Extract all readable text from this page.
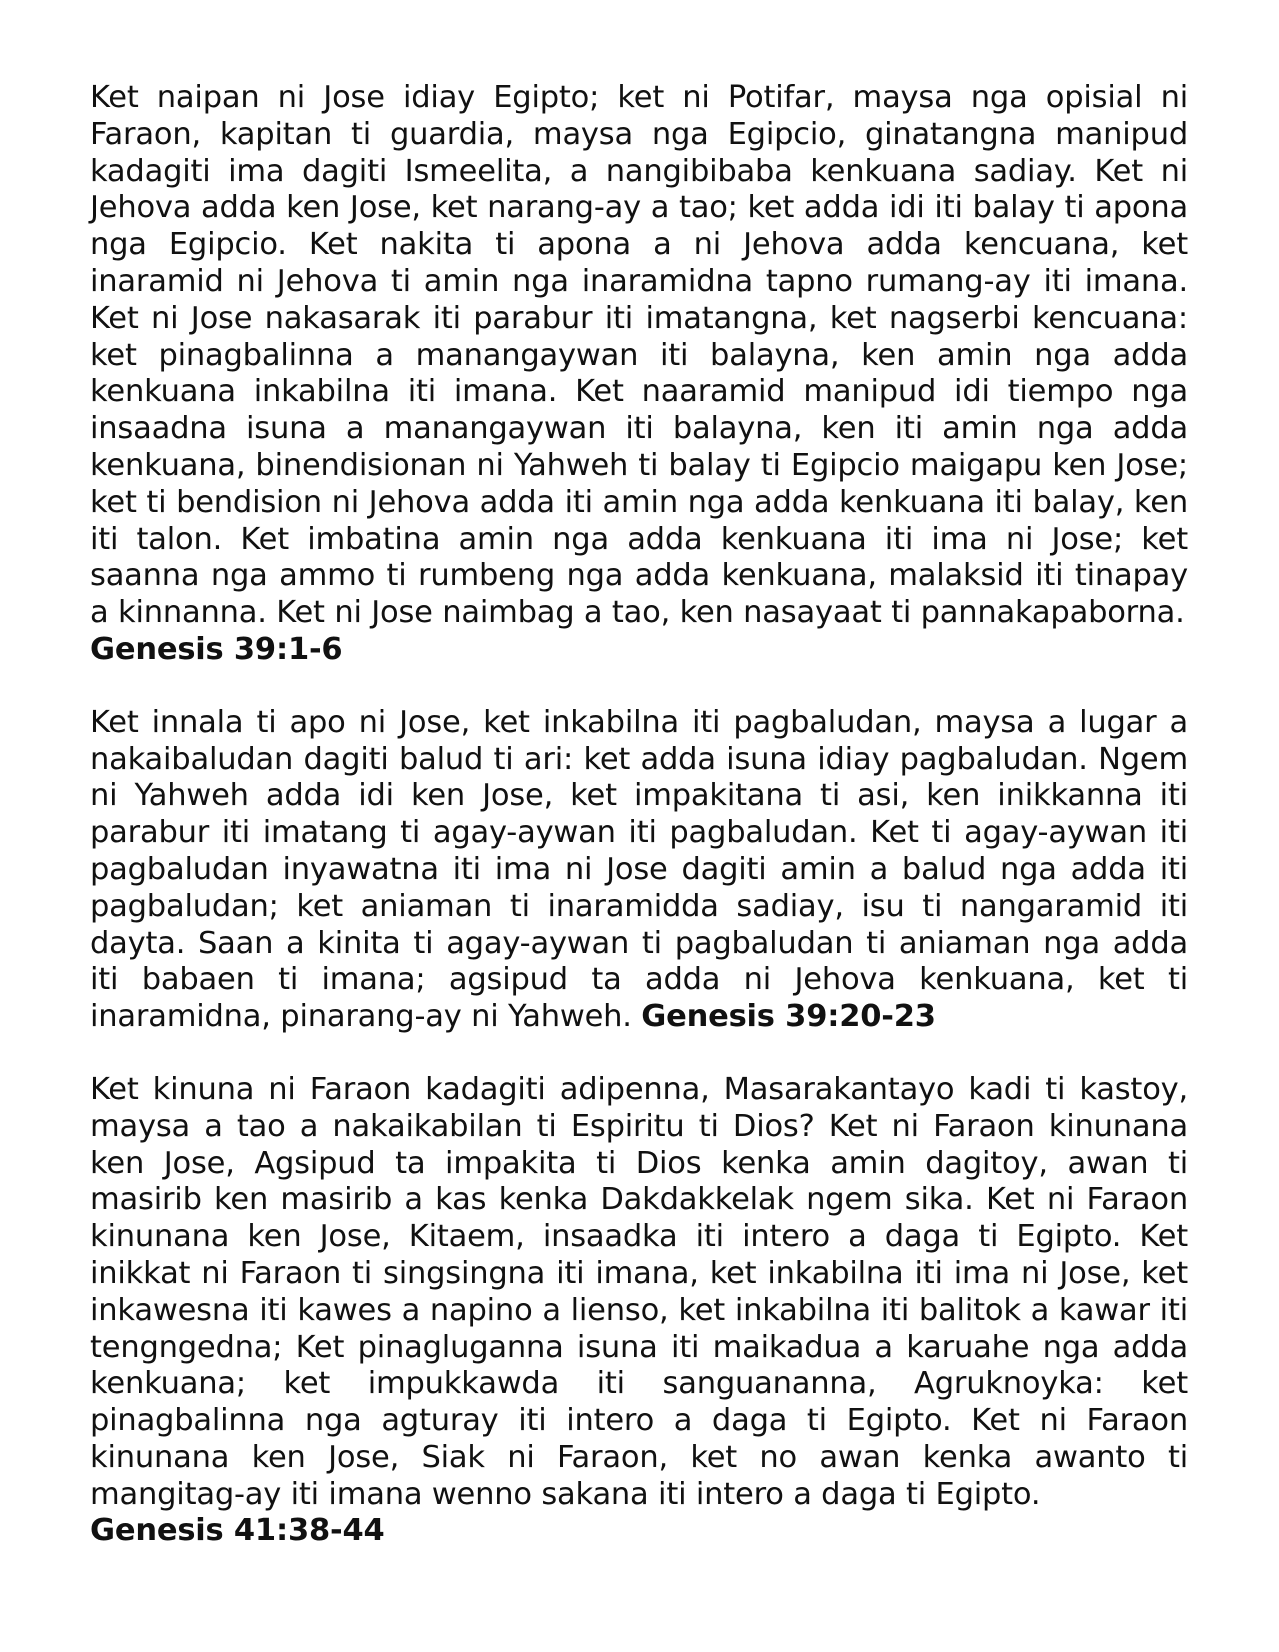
Ket naipan ni Jose idiay Egipto; ket ni Potifar, maysa nga opisial ni Faraon, kapitan ti guardia, maysa nga Egipcio, ginatangna manipud kadagiti ima dagiti Ismeelita, a nangibibaba kenkuana sadiay. Ket ni Jehova adda ken Jose, ket narang-ay a tao; ket adda idi iti balay ti apona nga Egipcio. Ket nakita ti apona a ni Jehova adda kencuana, ket inaramid ni Jehova ti amin nga inaramidna tapno rumang-ay iti imana. Ket ni Jose nakasarak iti parabur iti imatangna, ket nagserbi kencuana: ket pinagbalinna a manangaywan iti balayna, ken amin nga adda kenkuana inkabilna iti imana. Ket naaramid manipud idi tiempo nga insaadna isuna a manangaywan iti balayna, ken iti amin nga adda kenkuana, binendisionan ni Yahweh ti balay ti Egipcio maigapu ken Jose; ket ti bendision ni Jehova adda iti amin nga adda kenkuana iti balay, ken iti talon. Ket imbatina amin nga adda kenkuana iti ima ni Jose; ket saanna nga ammo ti rumbeng nga adda kenkuana, malaksid iti tinapay a kinnanna. Ket ni Jose naimbag a tao, ken nasayaat ti pannakapaborna.
Genesis 39:1-6

Ket innala ti apo ni Jose, ket inkabilna iti pagbaludan, maysa a lugar a nakaibaludan dagiti balud ti ari: ket adda isuna idiay pagbaludan. Ngem ni Yahweh adda idi ken Jose, ket impakitana ti asi, ken inikkanna iti parabur iti imatang ti agay-aywan iti pagbaludan. Ket ti agay-aywan iti pagbaludan inyawatna iti ima ni Jose dagiti amin a balud nga adda iti pagbaludan; ket aniaman ti inaramidda sadiay, isu ti nangaramid iti dayta. Saan a kinita ti agay-aywan ti pagbaludan ti aniaman nga adda iti babaen ti imana; agsipud ta adda ni Jehova kenkuana, ket ti inaramidna, pinarang-ay ni Yahweh. Genesis 39:20-23

Ket kinuna ni Faraon kadagiti adipenna, Masarakantayo kadi ti kastoy, maysa a tao a nakaikabilan ti Espiritu ti Dios? Ket ni Faraon kinunana ken Jose, Agsipud ta impakita ti Dios kenka amin dagitoy, awan ti masirib ken masirib a kas kenka Dakdakkelak ngem sika. Ket ni Faraon kinunana ken Jose, Kitaem, insaadka iti intero a daga ti Egipto. Ket inikkat ni Faraon ti singsingna iti imana, ket inkabilna iti ima ni Jose, ket inkawesna iti kawes a napino a lienso, ket inkabilna iti balitok a kawar iti tengngedna; Ket pinagluganna isuna iti maikadua a karuahe nga adda kenkuana; ket impukkawda iti sanguananna, Agruknoyka: ket pinagbalinna nga agturay iti intero a daga ti Egipto. Ket ni Faraon kinunana ken Jose, Siak ni Faraon, ket no awan kenka awanto ti mangitag-ay iti imana wenno sakana iti intero a daga ti Egipto.
Genesis 41:38-44
